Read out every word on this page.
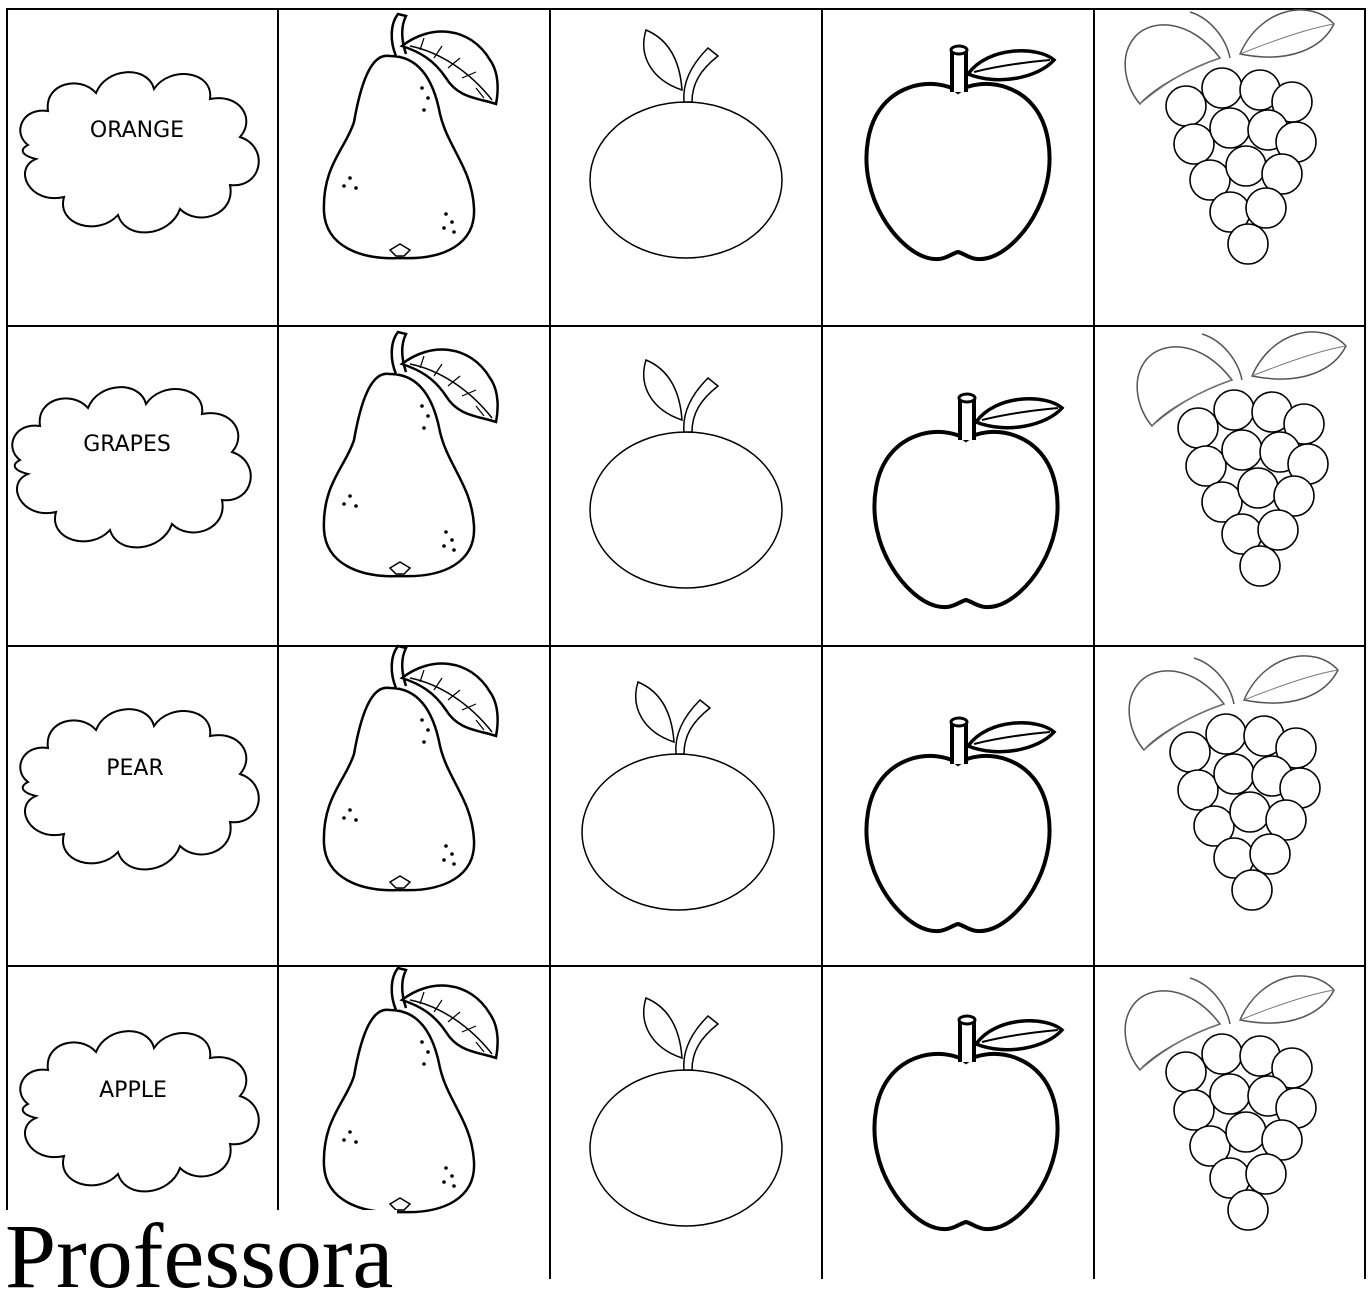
ORANGE
GRAPES
PEAR
APPLE
Professora
